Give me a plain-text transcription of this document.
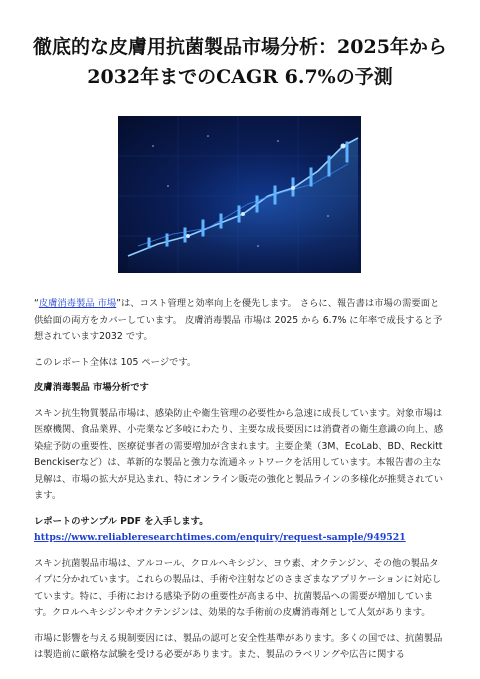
徹底的な皮膚用抗菌製品市場分析：2025年から
2032年までのCAGR 6.7%の予測

“皮膚消毒製品 市場”は、コスト管理と効率向上を優先します。 さらに、報告書は市場の需要面と供給面の両方をカバーしています。 皮膚消毒製品 市場は 2025 から 6.7% に年率で成長すると予想されています2032 です。

このレポート全体は 105 ページです。

皮膚消毒製品 市場分析です

スキン抗生物質製品市場は、感染防止や衛生管理の必要性から急速に成長しています。対象市場は医療機関、食品業界、小売業など多岐にわたり、主要な成長要因には消費者の衛生意識の向上、感染症予防の重要性、医療従事者の需要増加が含まれます。主要企業（3M、EcoLab、BD、Reckitt Benckiserなど）は、革新的な製品と強力な流通ネットワークを活用しています。本報告書の主な見解は、市場の拡大が見込まれ、特にオンライン販売の強化と製品ラインの多様化が推奨されています。

レポートのサンプル PDF を入手します。 https://www.reliableresearchtimes.com/enquiry/request-sample/949521

スキン抗菌製品市場は、アルコール、クロルヘキシジン、ヨウ素、オクテンジン、その他の製品タイプに分かれています。これらの製品は、手術や注射などのさまざまなアプリケーションに対応しています。特に、手術における感染予防の重要性が高まる中、抗菌製品への需要が増加しています。クロルヘキシジンやオクテンジンは、効果的な手術前の皮膚消毒剤として人気があります。

市場に影響を与える規制要因には、製品の認可と安全性基準があります。多くの国では、抗菌製品は製造前に厳格な試験を受ける必要があります。また、製品のラベリングや広告に関する
